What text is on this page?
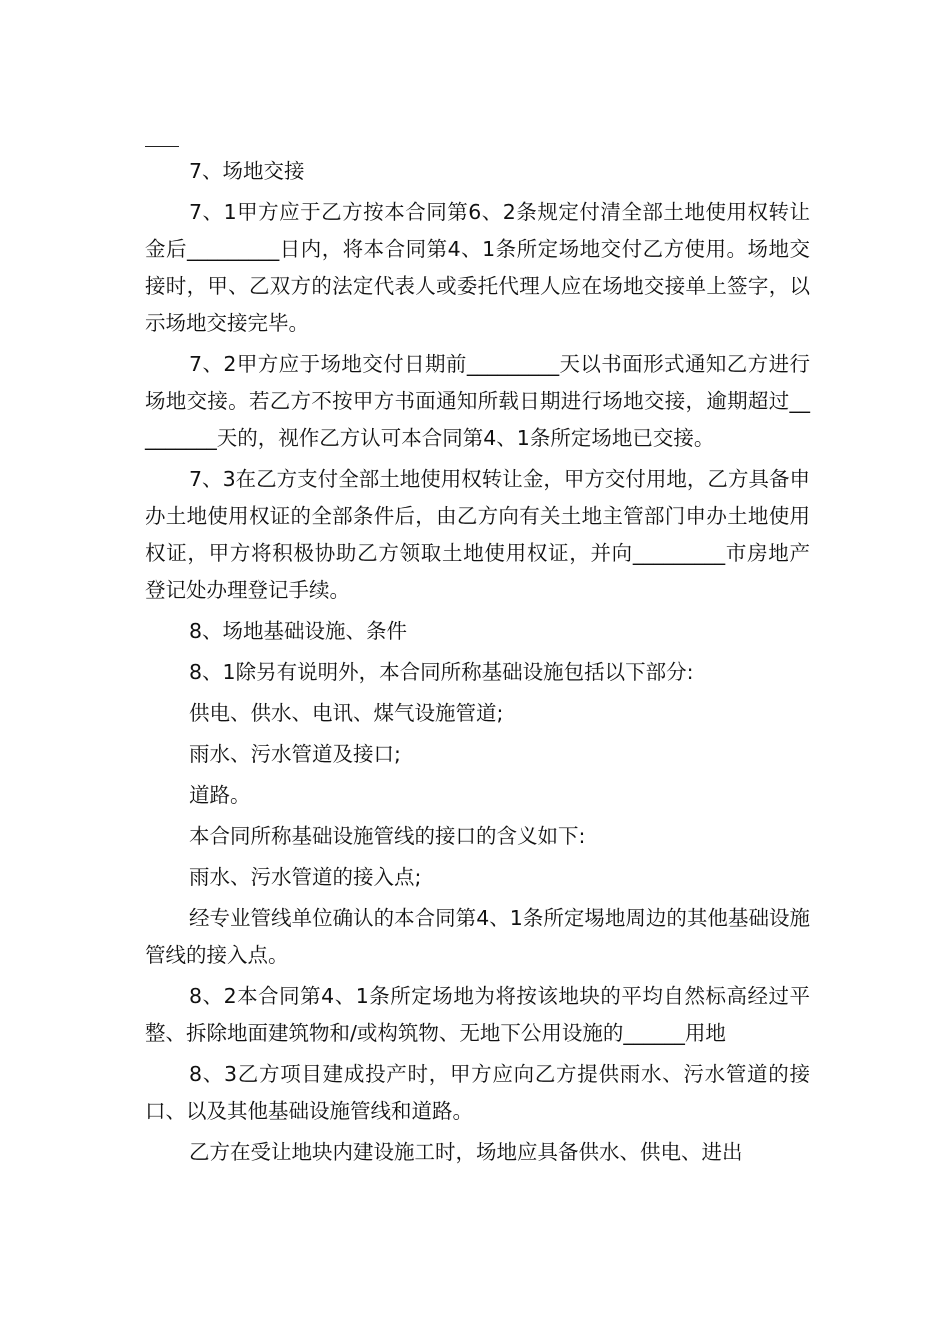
7、场地交接

7、1甲方应于乙方按本合同第6、2条规定付清全部土地使用权转让金后_________日内，将本合同第4、1条所定场地交付乙方使用。场地交接时，甲、乙双方的法定代表人或委托代理人应在场地交接单上签字，以示场地交接完毕。

7、2甲方应于场地交付日期前_________天以书面形式通知乙方进行场地交接。若乙方不按甲方书面通知所载日期进行场地交接，逾期超过_________天的，视作乙方认可本合同第4、1条所定场地已交接。

7、3在乙方支付全部土地使用权转让金，甲方交付用地，乙方具备申办土地使用权证的全部条件后，由乙方向有关土地主管部门申办土地使用权证，甲方将积极协助乙方领取土地使用权证，并向_________市房地产登记处办理登记手续。

8、场地基础设施、条件

8、1除另有说明外，本合同所称基础设施包括以下部分:

供电、供水、电讯、煤气设施管道;

雨水、污水管道及接口;

道路。

本合同所称基础设施管线的接口的含义如下:

雨水、污水管道的接入点;

经专业管线单位确认的本合同第4、1条所定埸地周边的其他基础设施管线的接入点。

8、2本合同第4、1条所定场地为将按该地块的平均自然标高经过平整、拆除地面建筑物和/或构筑物、无地下公用设施的______用地

8、3乙方项目建成投产时，甲方应向乙方提供雨水、污水管道的接口、以及其他基础设施管线和道路。

乙方在受让地块内建设施工时，场地应具备供水、供电、进出
